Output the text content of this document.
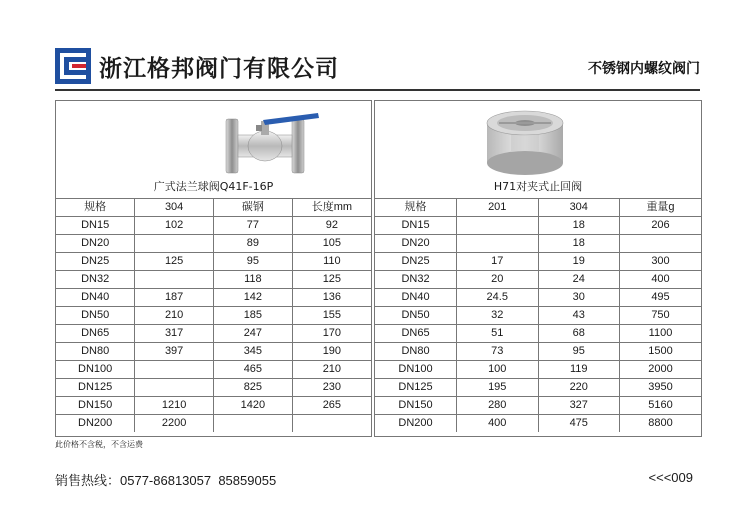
浙江格邦阀门有限公司	不锈钢内螺纹阀门
广式法兰球阀Q41F-16P
规格	304	碳钢	长度mm
DN15	102	77	92
DN20		89	105
DN25	125	95	110
DN32		118	125
DN40	187	142	136
DN50	210	185	155
DN65	317	247	170
DN80	397	345	190
DN100		465	210
DN125		825	230
DN150	1210	1420	265
DN200	2200		
H71对夹式止回阀
规格	201	304	重量g
DN15		18	206
DN20		18	
DN25	17	19	300
DN32	20	24	400
DN40	24.5	30	495
DN50	32	43	750
DN65	51	68	1100
DN80	73	95	1500
DN100	100	119	2000
DN125	195	220	3950
DN150	280	327	5160
DN200	400	475	8800
此价格不含税，不含运费
销售热线：0577-86813057  85859055	<<<009
